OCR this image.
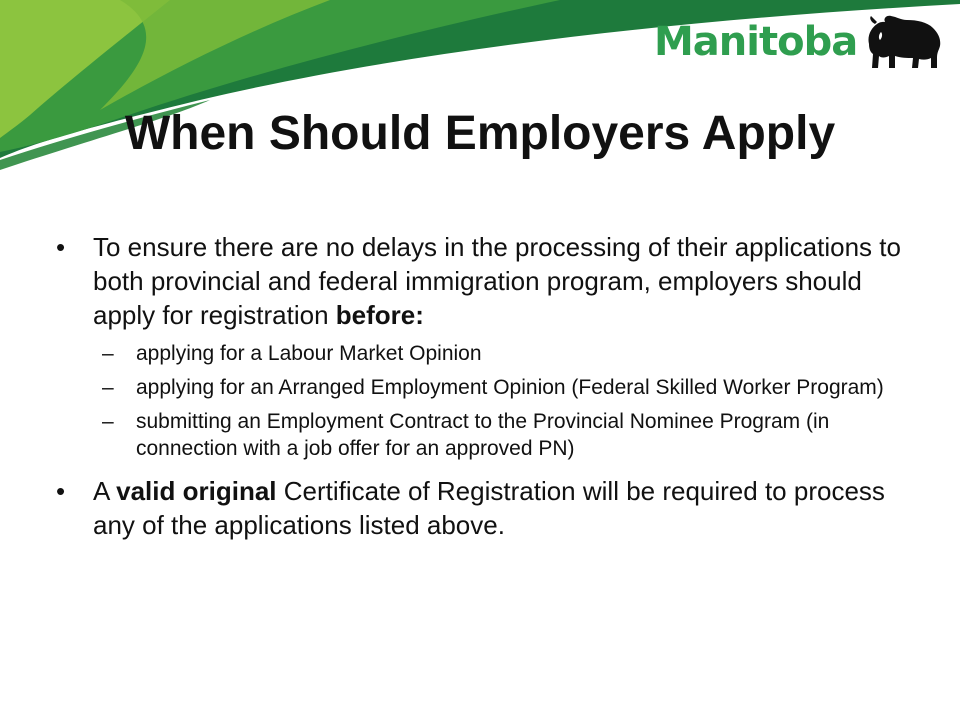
Manitoba
When Should Employers Apply

• To ensure there are no delays in the processing of their applications to both provincial and federal immigration program, employers should apply for registration before:

– applying for a Labour Market Opinion

– applying for an Arranged Employment Opinion (Federal Skilled Worker Program)

– submitting an Employment Contract to the Provincial Nominee Program (in connection with a job offer for an approved PN)

• A valid original Certificate of Registration will be required to process any of the applications listed above.
